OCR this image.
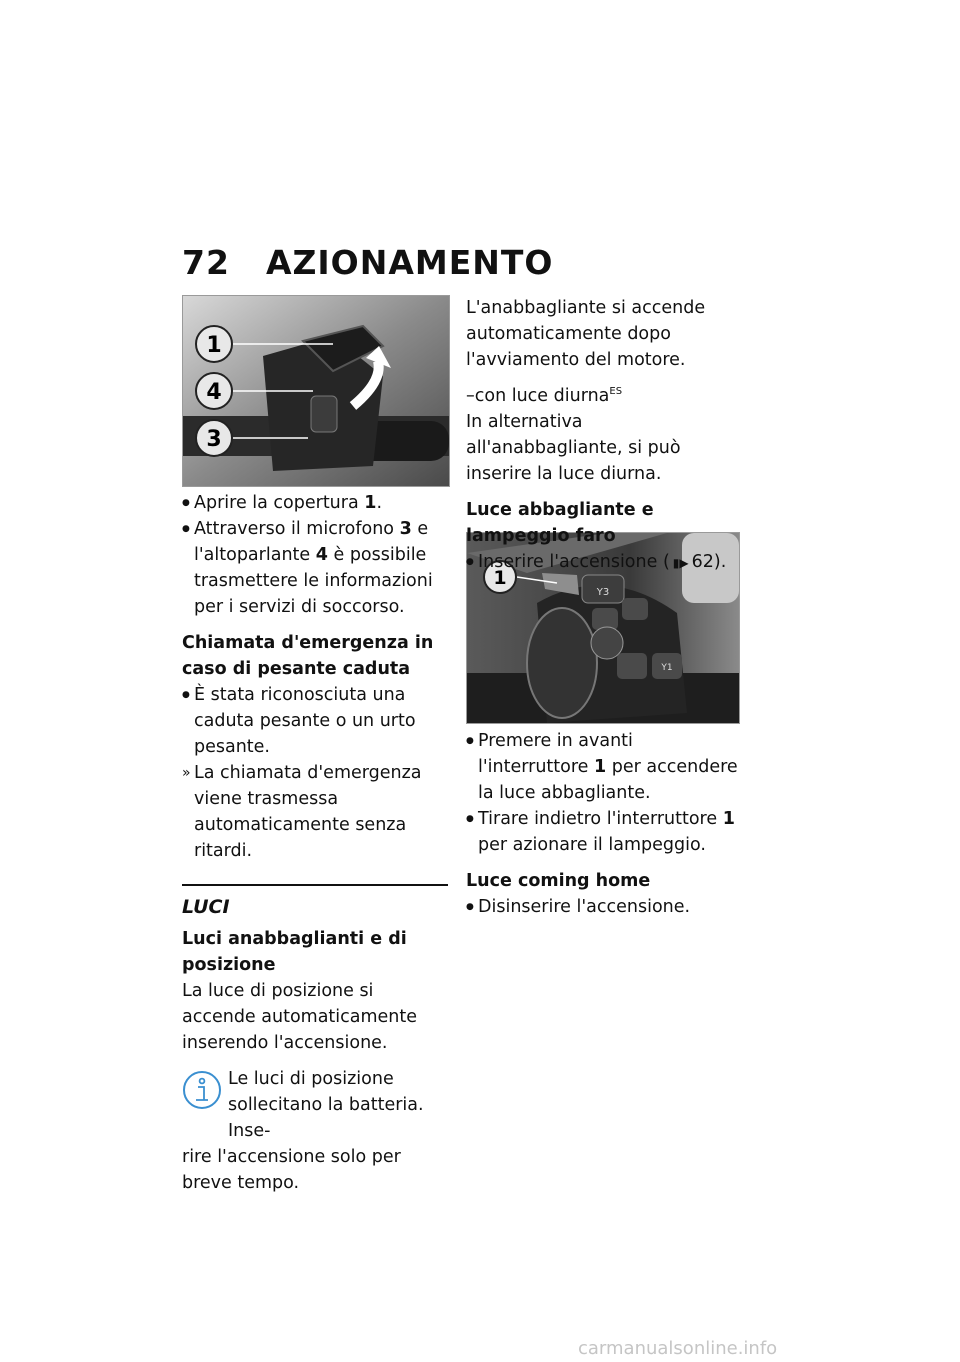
72 AZIONAMENTO
1
4
3
Y3
Y1
1
● Aprire la copertura 1.
● Attraverso il microfono 3 e l'altoparlante 4 è possibile trasmettere le informazioni per i servizi di soccorso.
Chiamata d'emergenza in caso di pesante caduta
● È stata riconosciuta una caduta pesante o un urto pesante.
» La chiamata d'emergenza viene trasmessa automaticamente senza ritardi.
LUCI
Luci anabbaglianti e di posizione
La luce di posizione si accende automaticamente inserendo l'accensione.
Le luci di posizione sollecitano la batteria. Inse-
rire l'accensione solo per breve tempo.
L'anabbagliante si accende automaticamente dopo l'avviamento del motore.
–con luce diurna$^{ES}$
In alternativa all'anabbagliante, si può inserire la luce diurna.
Luce abbagliante e lampeggio faro
● Inserire l'accensione ( ▮▶ 62).
● Premere in avanti l'interruttore 1 per accendere la luce abbagliante.
● Tirare indietro l'interruttore 1 per azionare il lampeggio.
Luce coming home
● Disinserire l'accensione.
carmanualsonline.info
